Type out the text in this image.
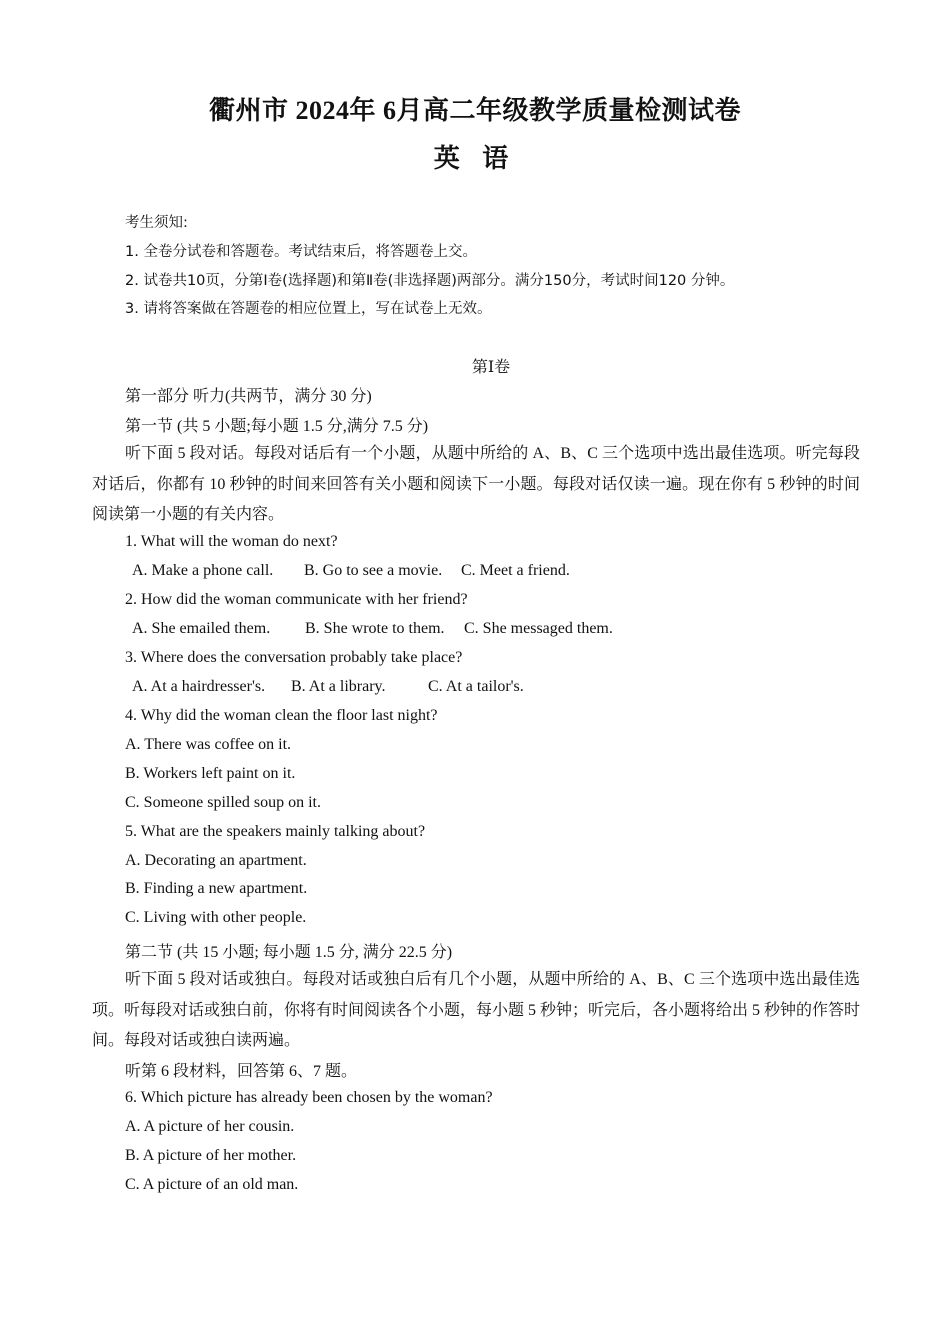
衢州市 2024年 6月高二年级教学质量检测试卷
英 语
考生须知:
1. 全卷分试卷和答题卷。考试结束后，将答题卷上交。
2. 试卷共10页，分第Ⅰ卷(选择题)和第Ⅱ卷(非选择题)两部分。满分150分，考试时间120 分钟。
3. 请将答案做在答题卷的相应位置上，写在试卷上无效。
第Ⅰ卷
第一部分 听力(共两节，满分 30 分)
第一节 (共 5 小题;每小题 1.5 分,满分 7.5 分)
听下面 5 段对话。每段对话后有一个小题，从题中所给的 A、B、C 三个选项中选出最佳选项。听完每段对话后，你都有 10 秒钟的时间来回答有关小题和阅读下一小题。每段对话仅读一遍。现在你有 5 秒钟的时间阅读第一小题的有关内容。
1. What will the woman do next?
A. Make a phone call. B. Go to see a movie. C. Meet a friend.
2. How did the woman communicate with her friend?
A. She emailed them. B. She wrote to them. C. She messaged them.
3. Where does the conversation probably take place?
A. At a hairdresser's. B. At a library.	C. At a tailor's.
4. Why did the woman clean the floor last night?
A. There was coffee on it.
B. Workers left paint on it.
C. Someone spilled soup on it.
5. What are the speakers mainly talking about?
A. Decorating an apartment.
B. Finding a new apartment.
C. Living with other people.
第二节 (共 15 小题; 每小题 1.5 分, 满分 22.5 分)
听下面 5 段对话或独白。每段对话或独白后有几个小题，从题中所给的 A、B、C 三个选项中选出最佳选项。听每段对话或独白前，你将有时间阅读各个小题，每小题 5 秒钟；听完后，各小题将给出 5 秒钟的作答时间。每段对话或独白读两遍。
听第 6 段材料，回答第 6、7 题。
6. Which picture has already been chosen by the woman?
A. A picture of her cousin.
B. A picture of her mother.
C. A picture of an old man.
